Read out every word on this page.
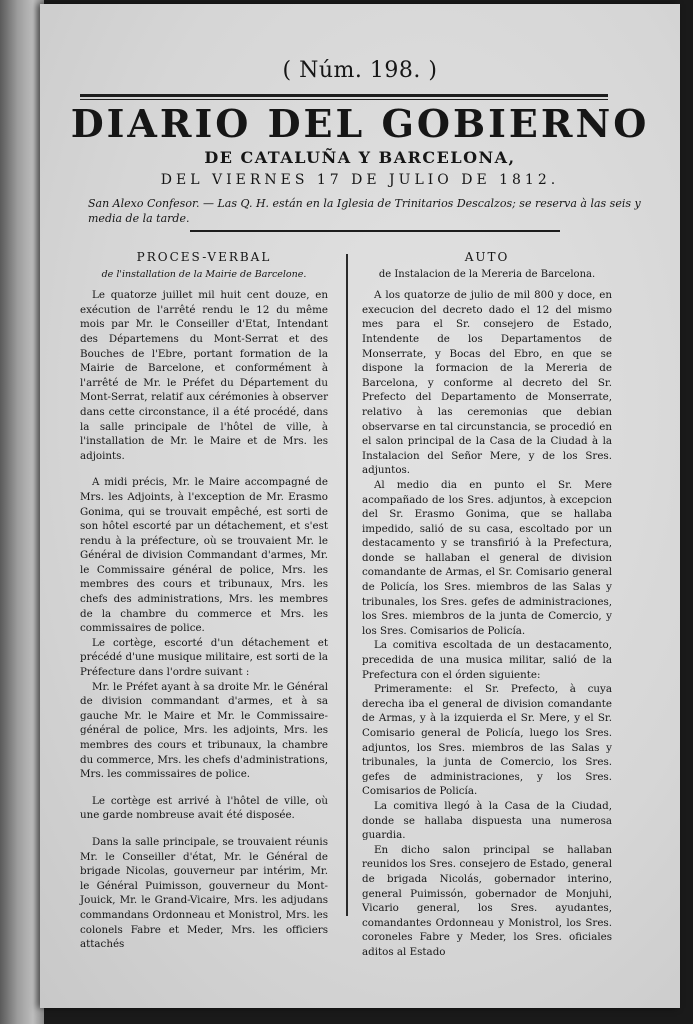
( Núm. 198. )
DIARIO DEL GOBIERNO
DE CATALUÑA Y BARCELONA,
DEL VIERNES 17 DE JULIO DE 1812.
San Alexo Confesor. — Las Q. H. están en la Iglesia de Trinitarios Descalzos; se reserva à las seis y media de la tarde.
PROCES-VERBAL
de l'installation de la Mairie de Barcelone.

Le quatorze juillet mil huit cent douze, en exécution de l'arrêté rendu le 12 du même mois par Mr. le Conseiller d'Etat, Intendant des Départemens du Mont-Serrat et des Bouches de l'Ebre, portant formation de la Mairie de Barcelone, et conformément à l'arrêté de Mr. le Préfet du Département du Mont-Serrat, relatif aux cérémonies à observer dans cette circonstance, il a été procédé, dans la salle principale de l'hôtel de ville, à l'installation de Mr. le Maire et de Mrs. les adjoints.

A midi précis, Mr. le Maire accompagné de Mrs. les Adjoints, à l'exception de Mr. Erasmo Gonima, qui se trouvait empêché, est sorti de son hôtel escorté par un détachement, et s'est rendu à la préfecture, où se trouvaient Mr. le Général de division Commandant d'armes, Mr. le Commissaire général de police, Mrs. les membres des cours et tribunaux, Mrs. les chefs des administrations, Mrs. les membres de la chambre du commerce et Mrs. les commissaires de police.

Le cortège, escorté d'un détachement et précédé d'une musique militaire, est sorti de la Préfecture dans l'ordre suivant :

Mr. le Préfet ayant à sa droite Mr. le Général de division commandant d'armes, et à sa gauche Mr. le Maire et Mr. le Commissaire-général de police, Mrs. les adjoints, Mrs. les membres des cours et tribunaux, la chambre du commerce, Mrs. les chefs d'administrations, Mrs. les commissaires de police.

Le cortège est arrivé à l'hôtel de ville, où une garde nombreuse avait été disposée.

Dans la salle principale, se trouvaient réunis Mr. le Conseiller d'état, Mr. le Général de brigade Nicolas, gouverneur par intérim, Mr. le Général Puimisson, gouverneur du Mont-Jouick, Mr. le Grand-Vicaire, Mrs. les adjudans commandans Ordonneau et Monistrol, Mrs. les colonels Fabre et Meder, Mrs. les officiers attachés

AUTO
de Instalacion de la Mereria de Barcelona.

A los quatorze de julio de mil 800 y doce, en execucion del decreto dado el 12 del mismo mes para el Sr. consejero de Estado, Intendente de los Departamentos de Monserrate, y Bocas del Ebro, en que se dispone la formacion de la Mereria de Barcelona, y conforme al decreto del Sr. Prefecto del Departamento de Monserrate, relativo à las ceremonias que debian observarse en tal circunstancia, se procedió en el salon principal de la Casa de la Ciudad à la Instalacion del Señor Mere, y de los Sres. adjuntos.

Al medio dia en punto el Sr. Mere acompañado de los Sres. adjuntos, à excepcion del Sr. Erasmo Gonima, que se hallaba impedido, salió de su casa, escoltado por un destacamento y se transfirió à la Prefectura, donde se hallaban el general de division comandante de Armas, el Sr. Comisario general de Policía, los Sres. miembros de las Salas y tribunales, los Sres. gefes de administraciones, los Sres. miembros de la junta de Comercio, y los Sres. Comisarios de Policía.

La comitiva escoltada de un destacamento, precedida de una musica militar, salió de la Prefectura con el órden siguiente:

Primeramente: el Sr. Prefecto, à cuya derecha iba el general de division comandante de Armas, y à la izquierda el Sr. Mere, y el Sr. Comisario general de Policía, luego los Sres. adjuntos, los Sres. miembros de las Salas y tribunales, la junta de Comercio, los Sres. gefes de administraciones, y los Sres. Comisarios de Policía.

La comitiva llegó à la Casa de la Ciudad, donde se hallaba dispuesta una numerosa guardia.

En dicho salon principal se hallaban reunidos los Sres. consejero de Estado, general de brigada Nicolás, gobernador interino, general Puimissón, gobernador de Monjuhi, Vicario general, los Sres. ayudantes, comandantes Ordonneau y Monistrol, los Sres. coroneles Fabre y Meder, los Sres. oficiales aditos al Estado
